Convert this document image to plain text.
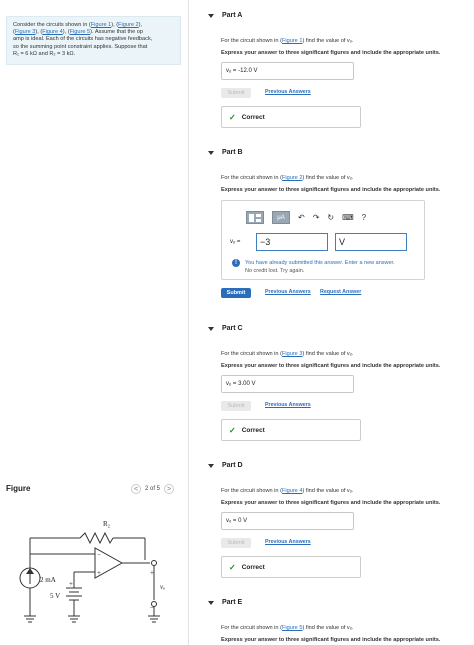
Consider the circuits shown in (Figure 1), (Figure 2),
(Figure 3), (Figure 4), (Figure 5). Assume that the op
amp is ideal. Each of the circuits has negative feedback,
so the summing point constraint applies. Suppose that
R₁ = 6 kΩ and R₂ = 3 kΩ.
Figure	<	2 of 5 >
R₂
2 mA
5 V
−
+
+
+
−
vₒ
Part A
For the circuit shown in (Figure 1) find the value of vₒ.
Express your answer to three significant figures and include the appropriate units.
vₒ = -12.0 V
Submit	Previous Answers
✓ Correct
Part B
For the circuit shown in (Figure 2) find the value of vₒ.
Express your answer to three significant figures and include the appropriate units.
μA	↶ ↷ ↻ ⌨ ?
vₒ =	−3	V
!	You have already submitted this answer. Enter a new answer.
No credit lost. Try again.
Submit	Previous Answers Request Answer
Part C
For the circuit shown in (Figure 3) find the value of vₒ.
Express your answer to three significant figures and include the appropriate units.
vₒ = 3.00 V
Submit	Previous Answers
✓ Correct
Part D
For the circuit shown in (Figure 4) find the value of vₒ.
Express your answer to three significant figures and include the appropriate units.
vₒ = 0 V
Submit	Previous Answers
✓ Correct
Part E
For the circuit shown in (Figure 5) find the value of vₒ.
Express your answer to three significant figures and include the appropriate units.
